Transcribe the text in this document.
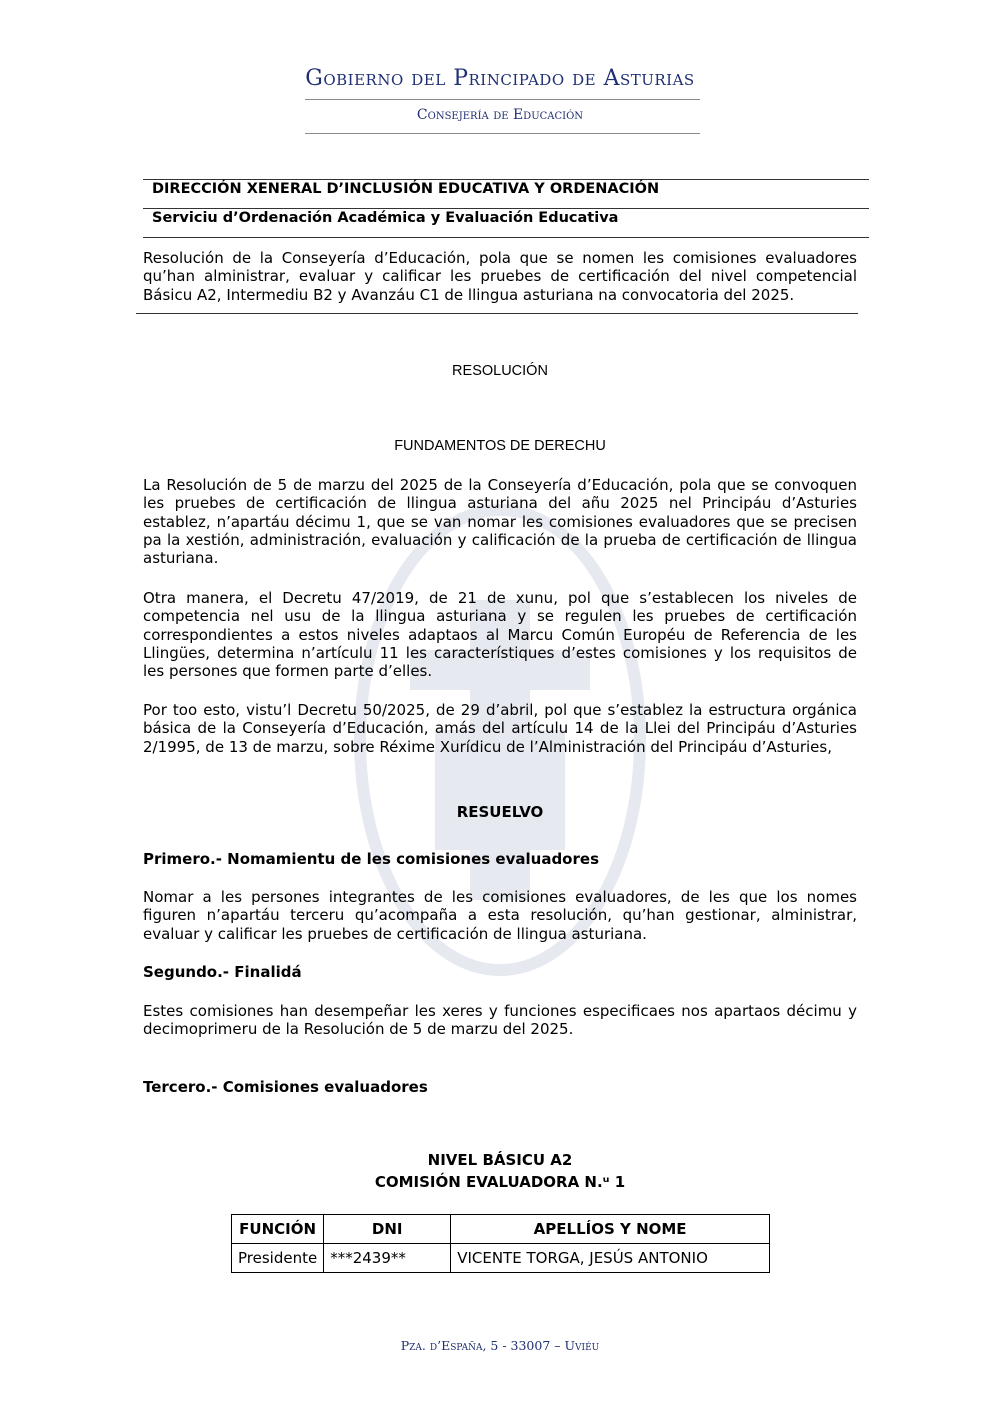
Gobierno del Principado de Asturias
Consejería de Educación
DIRECCIÓN XENERAL D’INCLUSIÓN EDUCATIVA Y ORDENACIÓN
Serviciu d’Ordenación Académica y Evaluación Educativa
Resolución de la Conseyería d’Educación, pola que se nomen les comisiones evaluadores qu’han alministrar, evaluar y calificar les pruebes de certificación del nivel competencial Básicu A2, Intermediu B2 y Avanzáu C1 de llingua asturiana na convocatoria del 2025.
RESOLUCIÓN
FUNDAMENTOS DE DERECHU
La Resolución de 5 de marzu del 2025 de la Conseyería d’Educación, pola que se convoquen les pruebes de certificación de llingua asturiana del añu 2025 nel Principáu d’Asturies establez, n’apartáu décimu 1, que se van nomar les comisiones evaluadores que se precisen pa la xestión, administración, evaluación y calificación de la prueba de certificación de llingua asturiana.
Otra manera, el Decretu 47/2019, de 21 de xunu, pol que s’establecen los niveles de competencia nel usu de la llingua asturiana y se regulen les pruebes de certificación correspondientes a estos niveles adaptaos al Marcu Común Européu de Referencia de les Llingües, determina n’artículu 11 les característiques d’estes comisiones y los requisitos de les persones que formen parte d’elles.
Por too esto, vistu’l Decretu 50/2025, de 29 d’abril, pol que s’establez la estructura orgánica básica de la Conseyería d’Educación, amás del artículu 14 de la Llei del Principáu d’Asturies 2/1995, de 13 de marzu, sobre Réxime Xurídicu de l’Alministración del Principáu d’Asturies,
RESUELVO
Primero.- Nomamientu de les comisiones evaluadores
Nomar a les persones integrantes de les comisiones evaluadores, de les que los nomes figuren n’apartáu terceru qu’acompaña a esta resolución, qu’han gestionar, alministrar, evaluar y calificar les pruebes de certificación de llingua asturiana.
Segundo.- Finalidá
Estes comisiones han desempeñar les xeres y funciones especificaes nos apartaos décimu y decimoprimeru de la Resolución de 5 de marzu del 2025.
Tercero.- Comisiones evaluadores
NIVEL BÁSICU A2
COMISIÓN EVALUADORA N.ᵘ 1
FUNCIÓN	DNI	APELLÍOS Y NOME
Presidente	***2439**	VICENTE TORGA, JESÚS ANTONIO
Pza. d’España, 5 - 33007 – Uviéu
